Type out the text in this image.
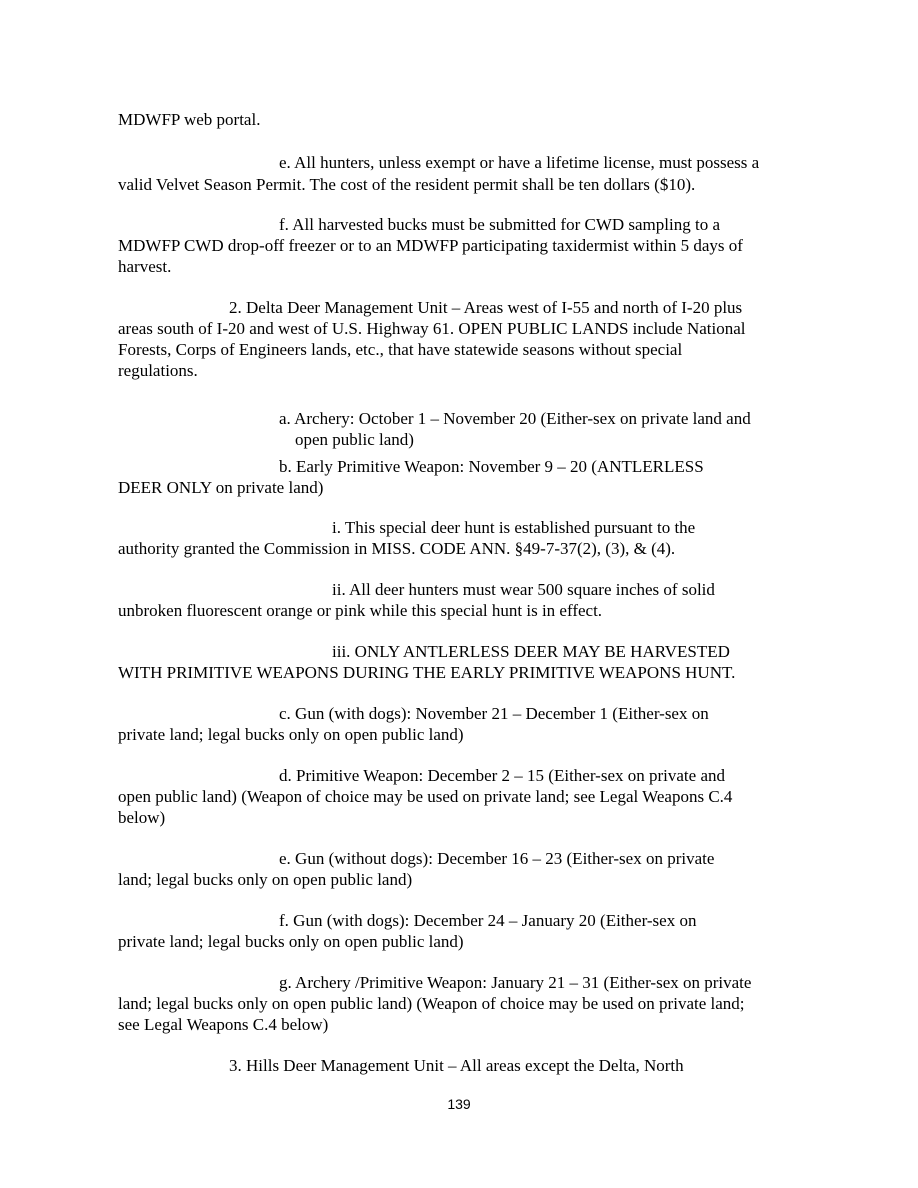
MDWFP web portal.
e. All hunters, unless exempt or have a lifetime license, must possess a
valid Velvet Season Permit. The cost of the resident permit shall be ten dollars ($10).
f. All harvested bucks must be submitted for CWD sampling to a
MDWFP CWD drop-off freezer or to an MDWFP participating taxidermist within 5 days of
harvest.
2. Delta Deer Management Unit – Areas west of I-55 and north of I-20 plus
areas south of I-20 and west of U.S. Highway 61. OPEN PUBLIC LANDS include National
Forests, Corps of Engineers lands, etc., that have statewide seasons without special
regulations.
a. Archery: October 1 – November 20 (Either-sex on private land and
open public land)
b. Early Primitive Weapon: November 9 – 20 (ANTLERLESS
DEER ONLY on private land)
i. This special deer hunt is established pursuant to the
authority granted the Commission in MISS. CODE ANN. §49-7-37(2), (3), & (4).
ii. All deer hunters must wear 500 square inches of solid
unbroken fluorescent orange or pink while this special hunt is in effect.
iii. ONLY ANTLERLESS DEER MAY BE HARVESTED
WITH PRIMITIVE WEAPONS DURING THE EARLY PRIMITIVE WEAPONS HUNT.
c. Gun (with dogs): November 21 – December 1 (Either-sex on
private land; legal bucks only on open public land)
d. Primitive Weapon: December 2 – 15 (Either-sex on private and
open public land) (Weapon of choice may be used on private land; see Legal Weapons C.4
below)
e. Gun (without dogs): December 16 – 23 (Either-sex on private
land; legal bucks only on open public land)
f. Gun (with dogs): December 24 – January 20 (Either-sex on
private land; legal bucks only on open public land)
g. Archery /Primitive Weapon: January 21 – 31 (Either-sex on private
land; legal bucks only on open public land) (Weapon of choice may be used on private land;
see Legal Weapons C.4 below)
3. Hills Deer Management Unit – All areas except the Delta, North
139
